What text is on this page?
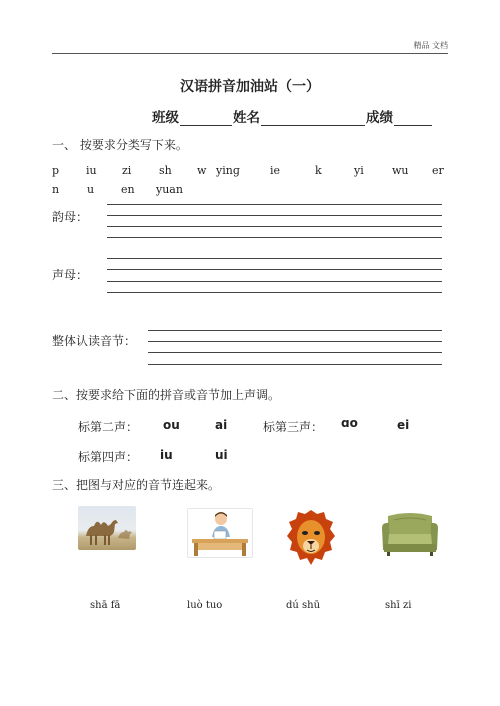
精品 文档
汉语拼音加油站（一）
班级	姓名	成绩
一、 按要求分类写下来。
p iu zi	sh w yinɡ	ie	k	yi	wu er
n	u en yuan
韵母：
声母：
整体认读音节：
二、按要求给下面的拼音或音节加上声调。
标第二声： ou	ai	标第三声： ɑo	ei
标第四声： iu	ui
三、把图与对应的音节连起来。
shā fā	luò tuo	dú shū	shī zi
